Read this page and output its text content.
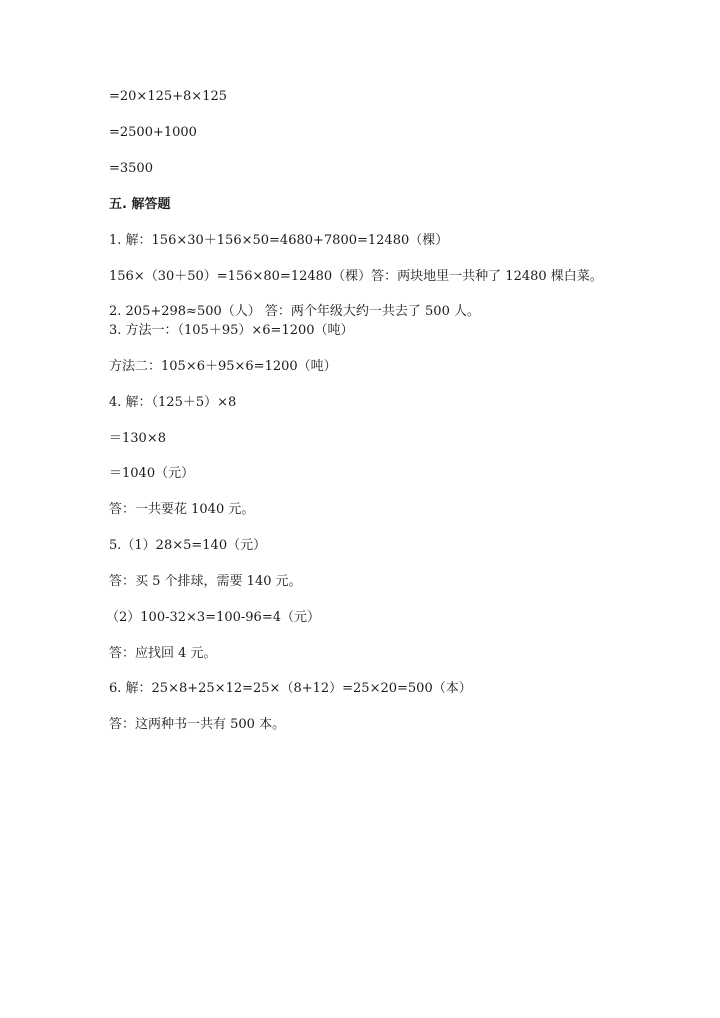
=20×125+8×125
=2500+1000
=3500
五. 解答题
1. 解：156×30＋156×50=4680+7800=12480（棵）
156×（30＋50）=156×80=12480（棵）答：两块地里一共种了 12480 棵白菜。
2. 205+298≈500（人） 答：两个年级大约一共去了 500 人。
3. 方法一：（105＋95）×6=1200（吨）
方法二：105×6＋95×6=1200（吨）
4. 解：（125＋5）×8
＝130×8
＝1040（元）
答：一共要花 1040 元。
5.（1）28×5=140（元）
答：买 5 个排球，需要 140 元。
（2）100-32×3=100-96=4（元）
答：应找回 4 元。
6. 解：25×8+25×12=25×（8+12）=25×20=500（本）
答：这两种书一共有 500 本。
